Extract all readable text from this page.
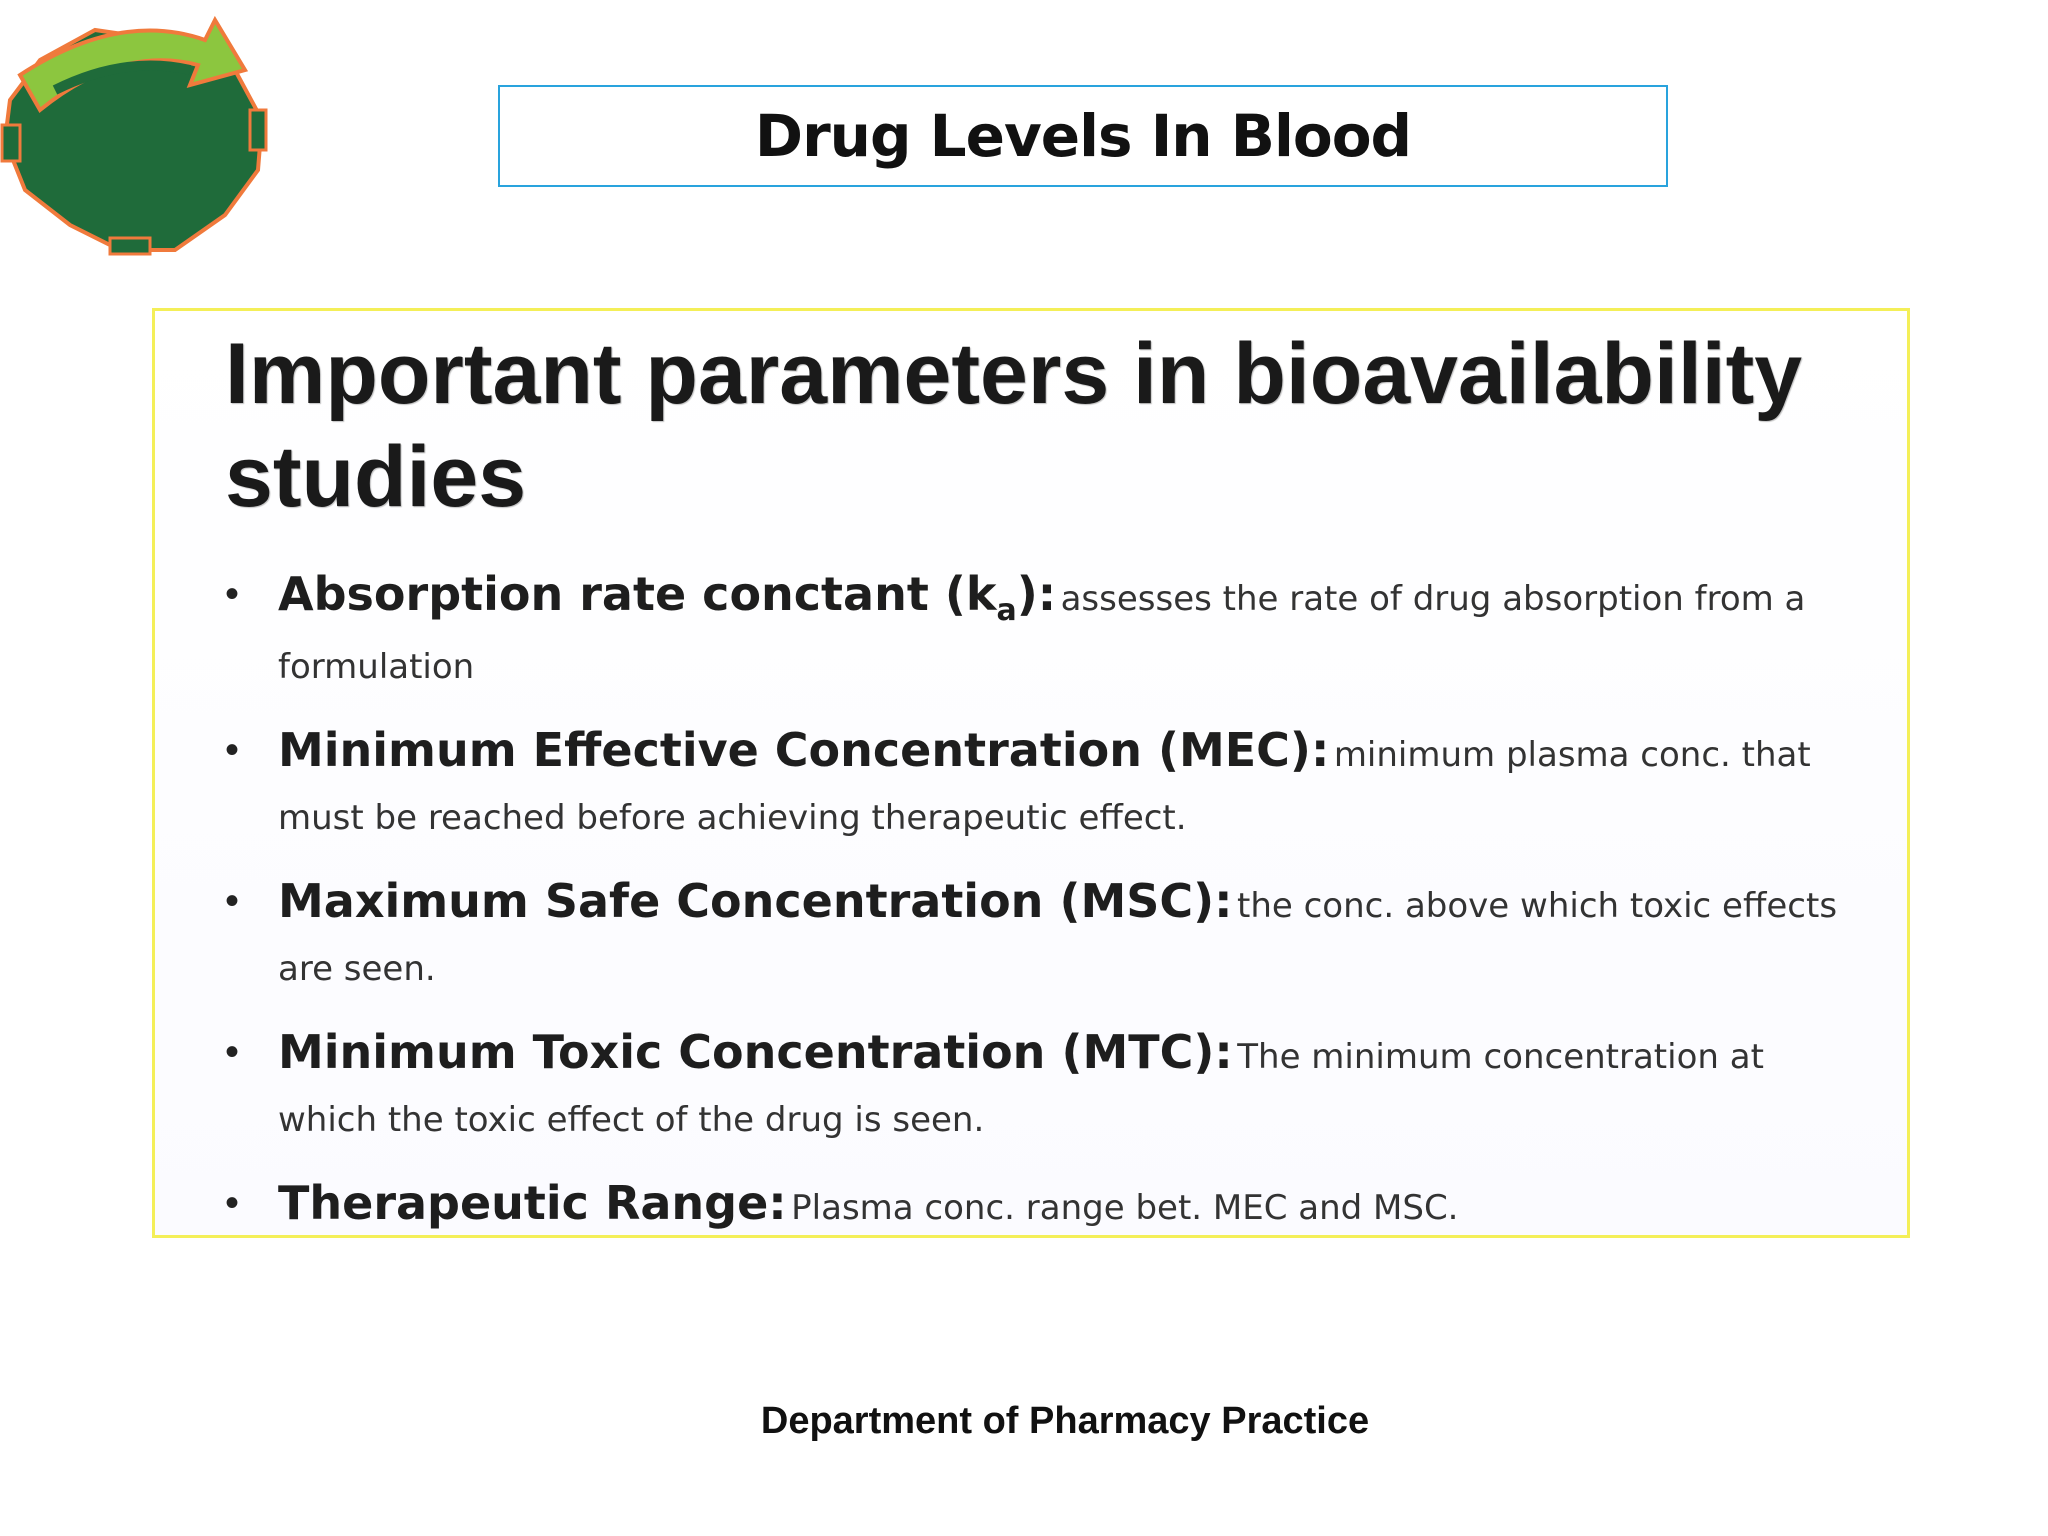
Drug Levels In Blood
Important parameters in bioavailability studies
• Absorption rate conctant $(k_a)$: assesses the rate of drug absorption from a formulation
• Minimum Effective Concentration (MEC): minimum plasma conc. that must be reached before achieving therapeutic effect.
• Maximum Safe Concentration (MSC): the conc. above which toxic effects are seen.
• Minimum Toxic Concentration (MTC): The minimum concentration at which the toxic effect of the drug is seen.
• Therapeutic Range: Plasma conc. range bet. MEC and MSC.
Department of Pharmacy Practice
